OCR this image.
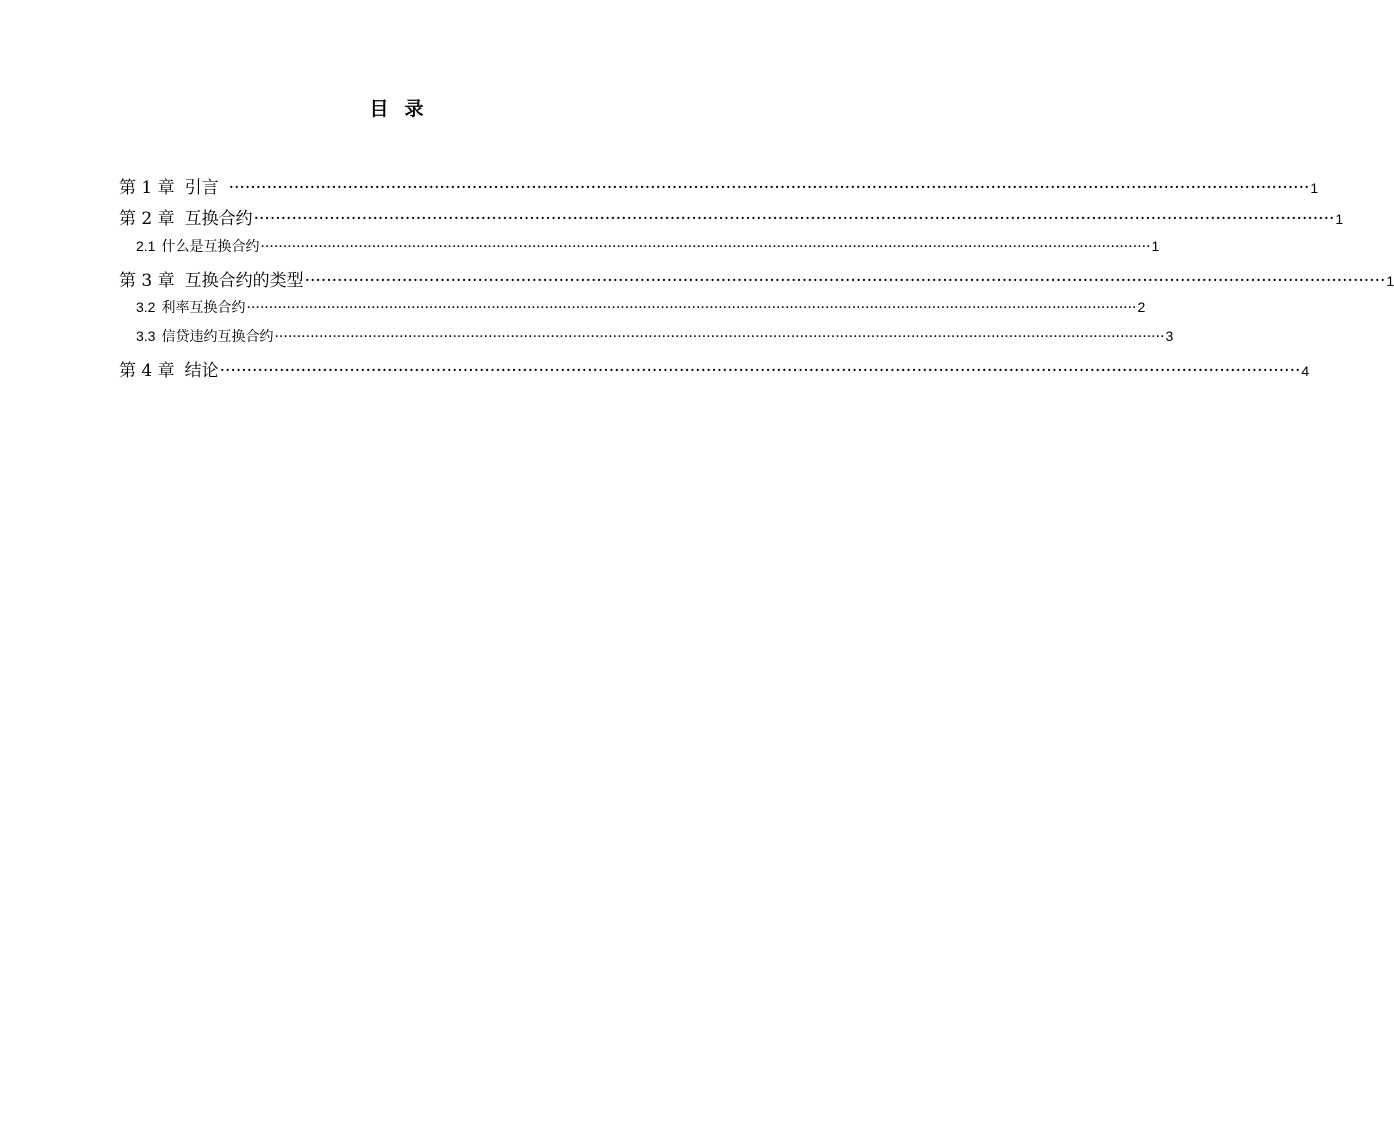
目 录
第 1 章 引言 ········································································································································································································ 1
第 2 章 互换合约 ········································································································································································································ 1
2.1 什么是互换合约 ········································································································································································································ 1
第 3 章 互换合约的类型 ········································································································································································································ 1
3.2 利率互换合约 ········································································································································································································ 2
3.3 信贷违约互换合约 ········································································································································································································ 3
第 4 章 结论 ········································································································································································································ 4
